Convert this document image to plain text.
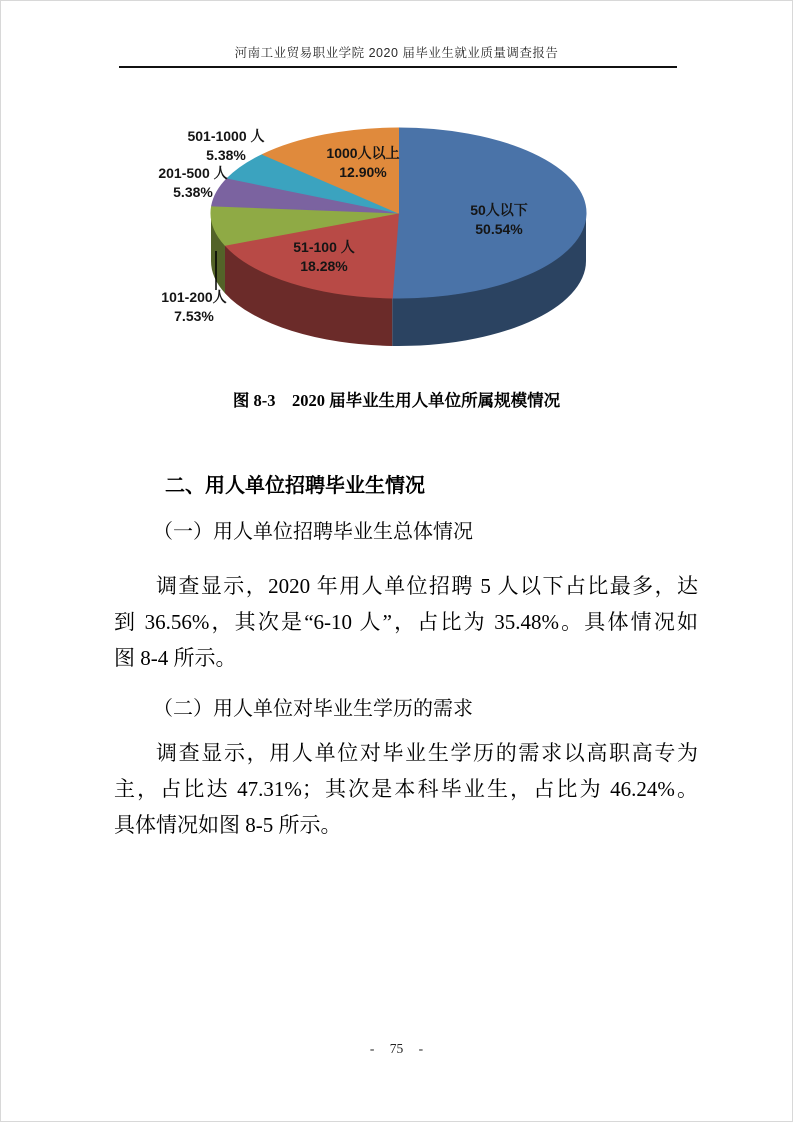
河南工业贸易职业学院 2020 届毕业生就业质量调查报告
50人以下
50.54%
51-100 人
18.28%
101-200人
7.53%
201-500 人
5.38%
501-1000 人
5.38%	1000人以上
12.90%
图 8-3　2020 届毕业生用人单位所属规模情况
二、用人单位招聘毕业生情况
（一）用人单位招聘毕业生总体情况
调查显示，2020 年用人单位招聘 5 人以下占比最多，达
到 36.56%，其次是“6-10 人”，占比为 35.48%。具体情况如
图 8-4 所示。
（二）用人单位对毕业生学历的需求
调查显示，用人单位对毕业生学历的需求以高职高专为
主，占比达 47.31%；其次是本科毕业生，占比为 46.24%。
具体情况如图 8-5 所示。
- 75 -
